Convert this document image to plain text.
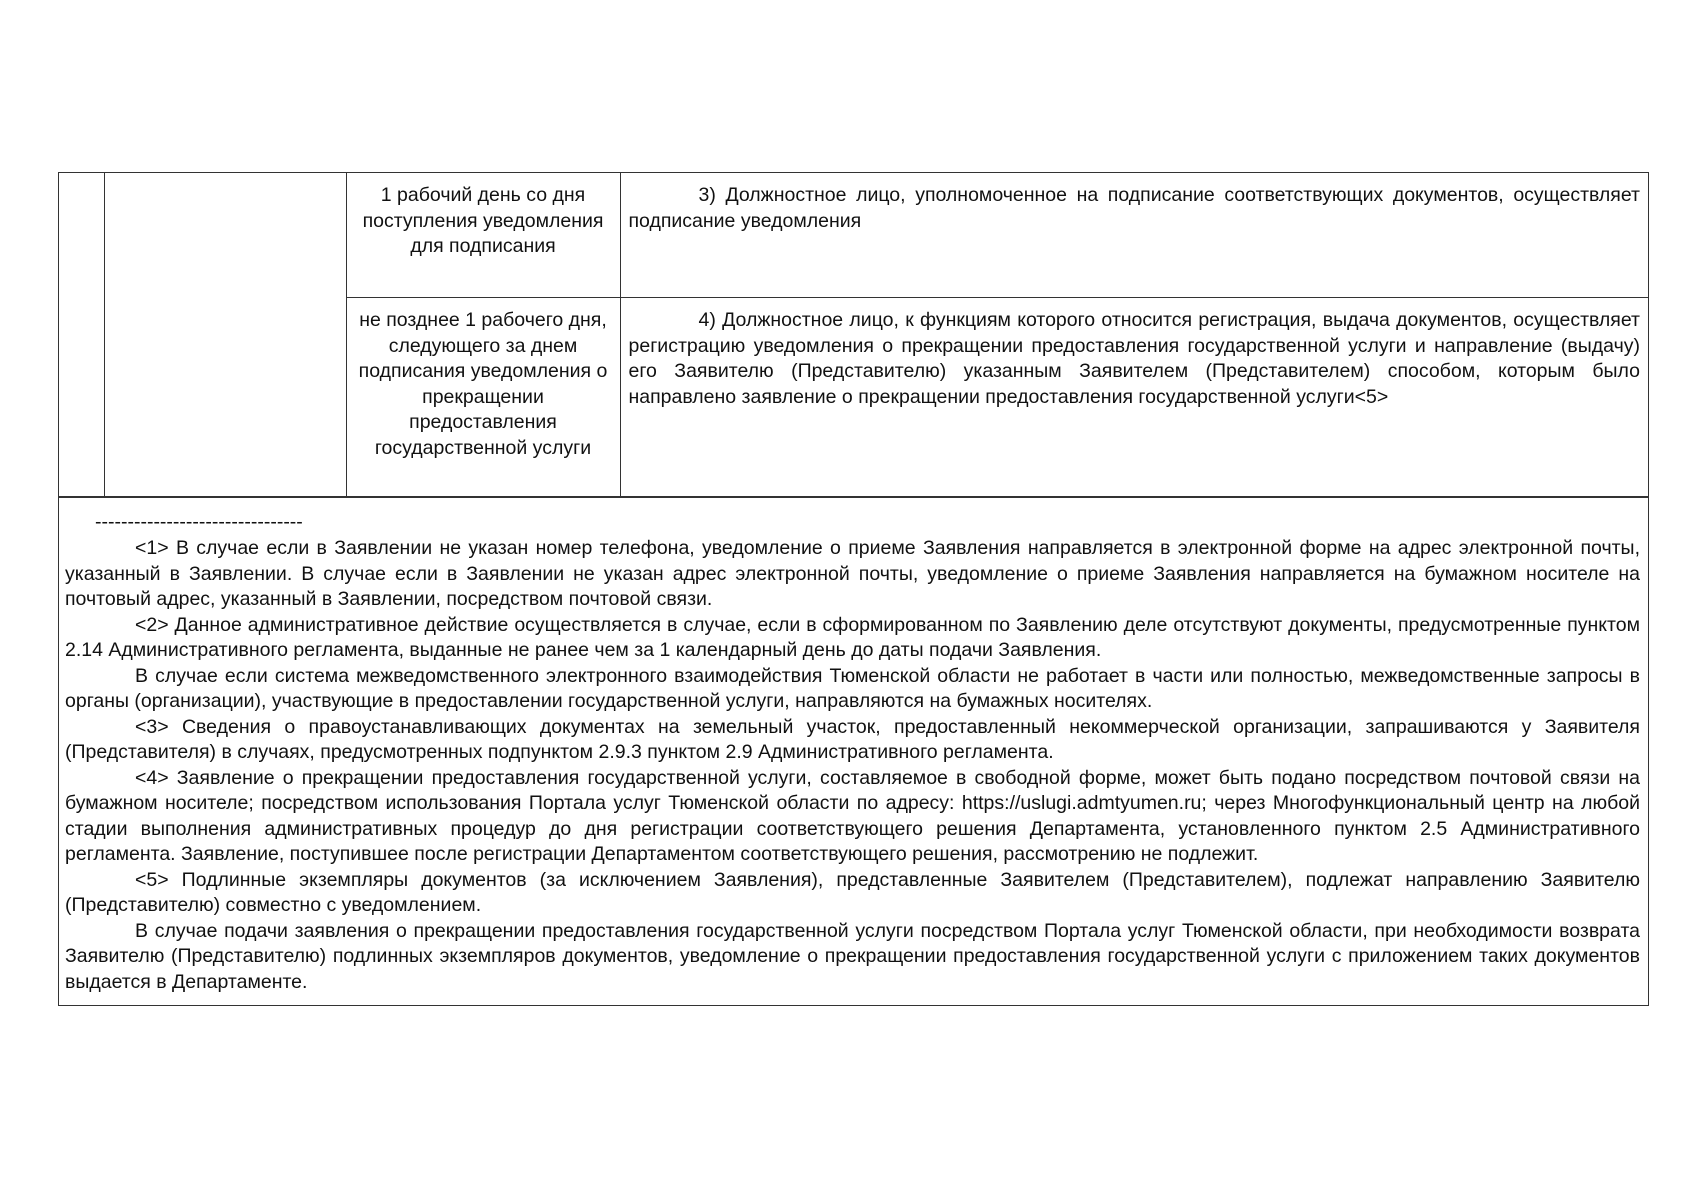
		1 рабочий день со дня поступления уведомления для подписания	3) Должностное лицо, уполномоченное на подписание соответствующих документов, осуществляет подписание уведомления
		не позднее 1 рабочего дня, следующего за днем подписания уведомления о прекращении предоставления государственной услуги	4) Должностное лицо, к функциям которого относится регистрация, выдача документов, осуществляет регистрацию уведомления о прекращении предоставления государственной услуги и направление (выдачу) его Заявителю (Представителю) указанным Заявителем (Представителем) способом, которым было направлено заявление о прекращении предоставления государственной услуги<5>
--------------------------------

<1> В случае если в Заявлении не указан номер телефона, уведомление о приеме Заявления направляется в электронной форме на адрес электронной почты, указанный в Заявлении. В случае если в Заявлении не указан адрес электронной почты, уведомление о приеме Заявления направляется на бумажном носителе на почтовый адрес, указанный в Заявлении, посредством почтовой связи.

<2> Данное административное действие осуществляется в случае, если в сформированном по Заявлению деле отсутствуют документы, предусмотренные пунктом 2.14 Административного регламента, выданные не ранее чем за 1 календарный день до даты подачи Заявления.

В случае если система межведомственного электронного взаимодействия Тюменской области не работает в части или полностью, межведомственные запросы в органы (организации), участвующие в предоставлении государственной услуги, направляются на бумажных носителях.

<3> Сведения о правоустанавливающих документах на земельный участок, предоставленный некоммерческой организации, запрашиваются у Заявителя (Представителя) в случаях, предусмотренных подпунктом 2.9.3 пунктом 2.9 Административного регламента.

<4> Заявление о прекращении предоставления государственной услуги, составляемое в свободной форме, может быть подано посредством почтовой связи на бумажном носителе; посредством использования Портала услуг Тюменской области по адресу: https://uslugi.admtyumen.ru; через Многофункциональный центр на любой стадии выполнения административных процедур до дня регистрации соответствующего решения Департамента, установленного пунктом 2.5 Административного регламента. Заявление, поступившее после регистрации Департаментом соответствующего решения, рассмотрению не подлежит.

<5> Подлинные экземпляры документов (за исключением Заявления), представленные Заявителем (Представителем), подлежат направлению Заявителю (Представителю) совместно с уведомлением.

В случае подачи заявления о прекращении предоставления государственной услуги посредством Портала услуг Тюменской области, при необходимости возврата Заявителю (Представителю) подлинных экземпляров документов, уведомление о прекращении предоставления государственной услуги с приложением таких документов выдается в Департаменте.
